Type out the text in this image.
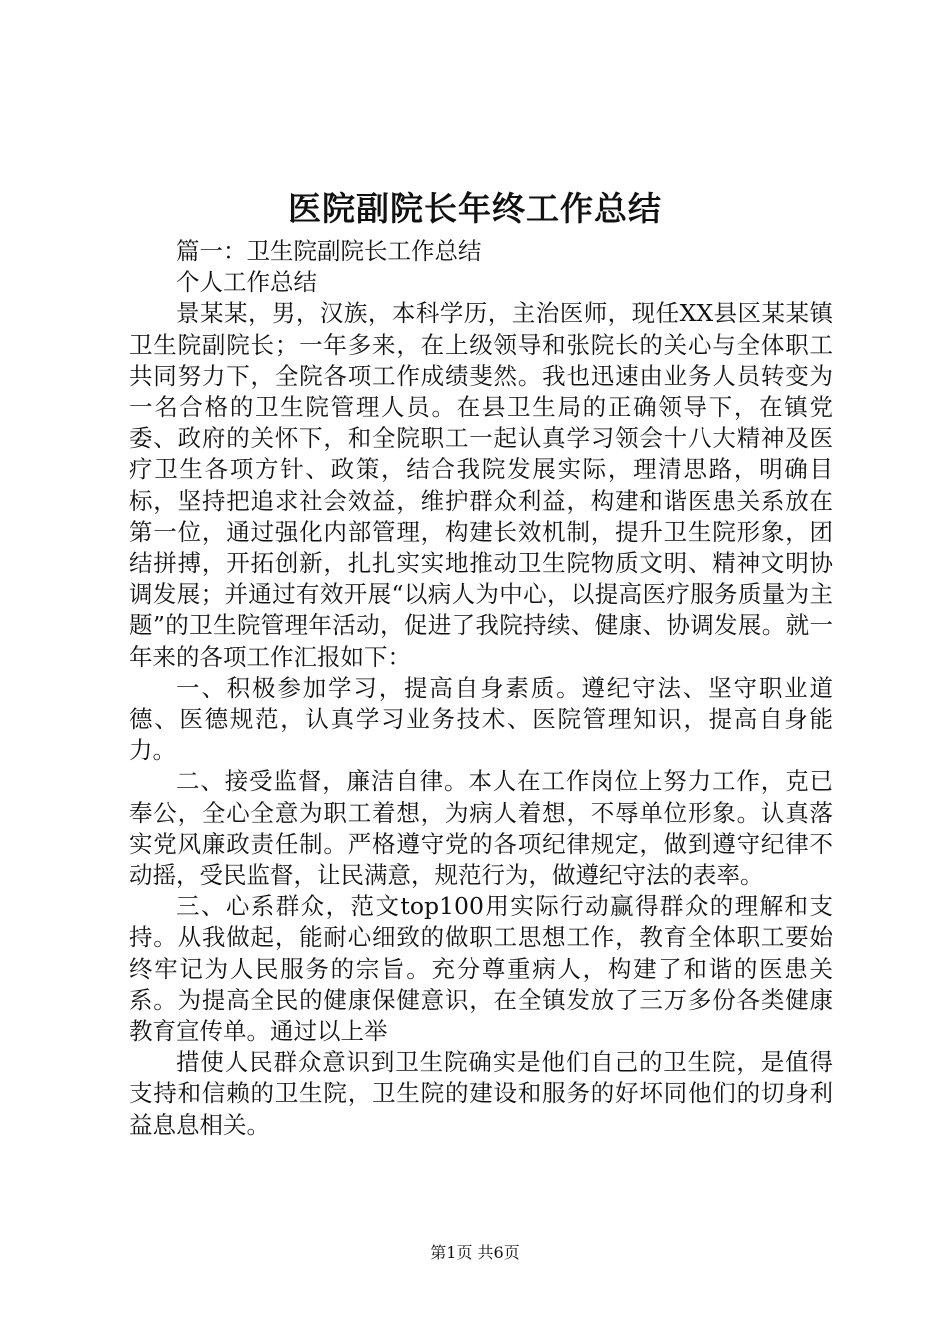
医院副院长年终工作总结

篇一：卫生院副院长工作总结

个人工作总结

景某某，男，汉族，本科学历，主治医师，现任XX县区某某镇卫生院副院长；一年多来，在上级领导和张院长的关心与全体职工共同努力下，全院各项工作成绩斐然。我也迅速由业务人员转变为一名合格的卫生院管理人员。在县卫生局的正确领导下，在镇党委、政府的关怀下，和全院职工一起认真学习领会十八大精神及医疗卫生各项方针、政策，结合我院发展实际，理清思路，明确目标，坚持把追求社会效益，维护群众利益，构建和谐医患关系放在第一位，通过强化内部管理，构建长效机制，提升卫生院形象，团结拼搏，开拓创新，扎扎实实地推动卫生院物质文明、精神文明协调发展；并通过有效开展“以病人为中心，以提高医疗服务质量为主题”的卫生院管理年活动，促进了我院持续、健康、协调发展。就一年来的各项工作汇报如下：

一、积极参加学习，提高自身素质。遵纪守法、坚守职业道德、医德规范，认真学习业务技术、医院管理知识，提高自身能力。

二、接受监督，廉洁自律。本人在工作岗位上努力工作，克已奉公，全心全意为职工着想，为病人着想，不辱单位形象。认真落实党风廉政责任制。严格遵守党的各项纪律规定，做到遵守纪律不动摇，受民监督，让民满意，规范行为，做遵纪守法的表率。

三、心系群众，范文top100用实际行动赢得群众的理解和支持。从我做起，能耐心细致的做职工思想工作，教育全体职工要始终牢记为人民服务的宗旨。充分尊重病人，构建了和谐的医患关系。为提高全民的健康保健意识，在全镇发放了三万多份各类健康教育宣传单。通过以上举

措使人民群众意识到卫生院确实是他们自己的卫生院，是值得支持和信赖的卫生院，卫生院的建设和服务的好坏同他们的切身利益息息相关。

第1页 共6页
